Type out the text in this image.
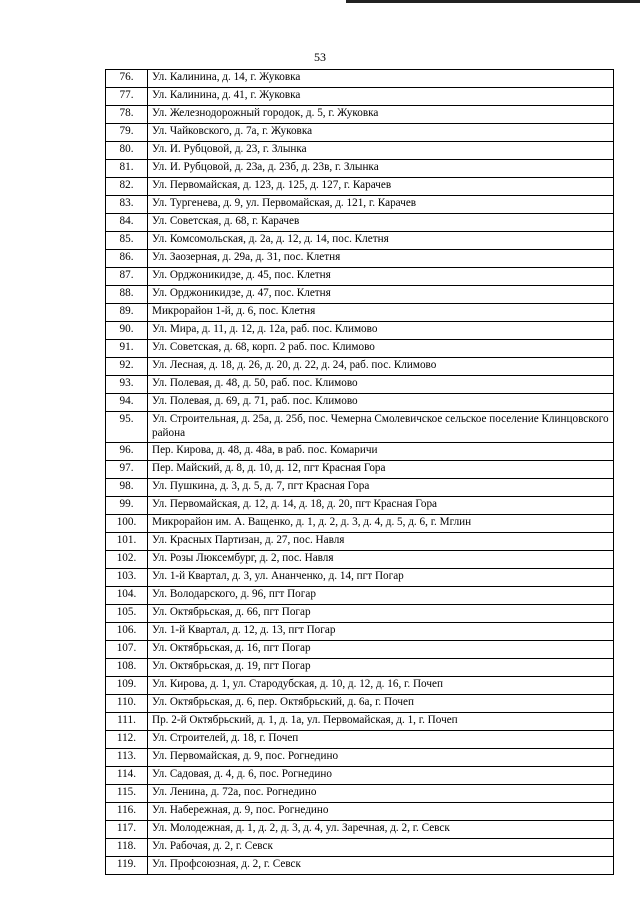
53
76.	Ул. Калинина, д. 14, г. Жуковка
77.	Ул. Калинина, д. 41, г. Жуковка
78.	Ул. Железнодорожный городок, д. 5, г. Жуковка
79.	Ул. Чайковского, д. 7а, г. Жуковка
80.	Ул. И. Рубцовой, д. 23, г. Злынка
81.	Ул. И. Рубцовой, д. 23а, д. 23б, д. 23в, г. Злынка
82.	Ул. Первомайская, д. 123, д. 125, д. 127, г. Карачев
83.	Ул. Тургенева, д. 9, ул. Первомайская, д. 121, г. Карачев
84.	Ул. Советская, д. 68, г. Карачев
85.	Ул. Комсомольская, д. 2а, д. 12, д. 14, пос. Клетня
86.	Ул. Заозерная, д. 29а, д. 31, пос. Клетня
87.	Ул. Орджоникидзе, д. 45, пос. Клетня
88.	Ул. Орджоникидзе, д. 47, пос. Клетня
89.	Микрорайон 1-й, д. 6, пос. Клетня
90.	Ул. Мира, д. 11, д. 12, д. 12а, раб. пос. Климово
91.	Ул. Советская, д. 68, корп. 2 раб. пос. Климово
92.	Ул. Лесная, д. 18, д. 26, д. 20, д. 22, д. 24, раб. пос. Климово
93.	Ул. Полевая, д. 48, д. 50, раб. пос. Климово
94.	Ул. Полевая, д. 69, д. 71, раб. пос. Климово
95.	Ул. Строительная, д. 25а, д. 25б, пос. Чемерна Смолевичское сельское поселение Клинцовского района
96.	Пер. Кирова, д. 48, д. 48а, в раб. пос. Комаричи
97.	Пер. Майский, д. 8, д. 10, д. 12, пгт Красная Гора
98.	Ул. Пушкина, д. 3, д. 5, д. 7, пгт Красная Гора
99.	Ул. Первомайская, д. 12, д. 14, д. 18, д. 20, пгт Красная Гора
100.	Микрорайон им. А. Ващенко, д. 1, д. 2, д. 3, д. 4, д. 5, д. 6, г. Мглин
101.	Ул. Красных Партизан, д. 27, пос. Навля
102.	Ул. Розы Люксембург, д. 2, пос. Навля
103.	Ул. 1-й Квартал, д. 3, ул. Ананченко, д. 14, пгт Погар
104.	Ул. Володарского, д. 96, пгт Погар
105.	Ул. Октябрьская, д. 66, пгт Погар
106.	Ул. 1-й Квартал, д. 12, д. 13, пгт Погар
107.	Ул. Октябрьская, д. 16, пгт Погар
108.	Ул. Октябрьская, д. 19, пгт Погар
109.	Ул. Кирова, д. 1, ул. Стародубская, д. 10, д. 12, д. 16, г. Почеп
110.	Ул. Октябрьская, д. 6, пер. Октябрьский, д. 6а, г. Почеп
111.	Пр. 2-й Октябрьский, д. 1, д. 1а, ул. Первомайская, д. 1, г. Почеп
112.	Ул. Строителей, д. 18, г. Почеп
113.	Ул. Первомайская, д. 9, пос. Рогнедино
114.	Ул. Садовая, д. 4, д. 6, пос. Рогнедино
115.	Ул. Ленина, д. 72а, пос. Рогнедино
116.	Ул. Набережная, д. 9, пос. Рогнедино
117.	Ул. Молодежная, д. 1, д. 2, д. 3, д. 4, ул. Заречная, д. 2, г. Севск
118.	Ул. Рабочая, д. 2, г. Севск
119.	Ул. Профсоюзная, д. 2, г. Севск
